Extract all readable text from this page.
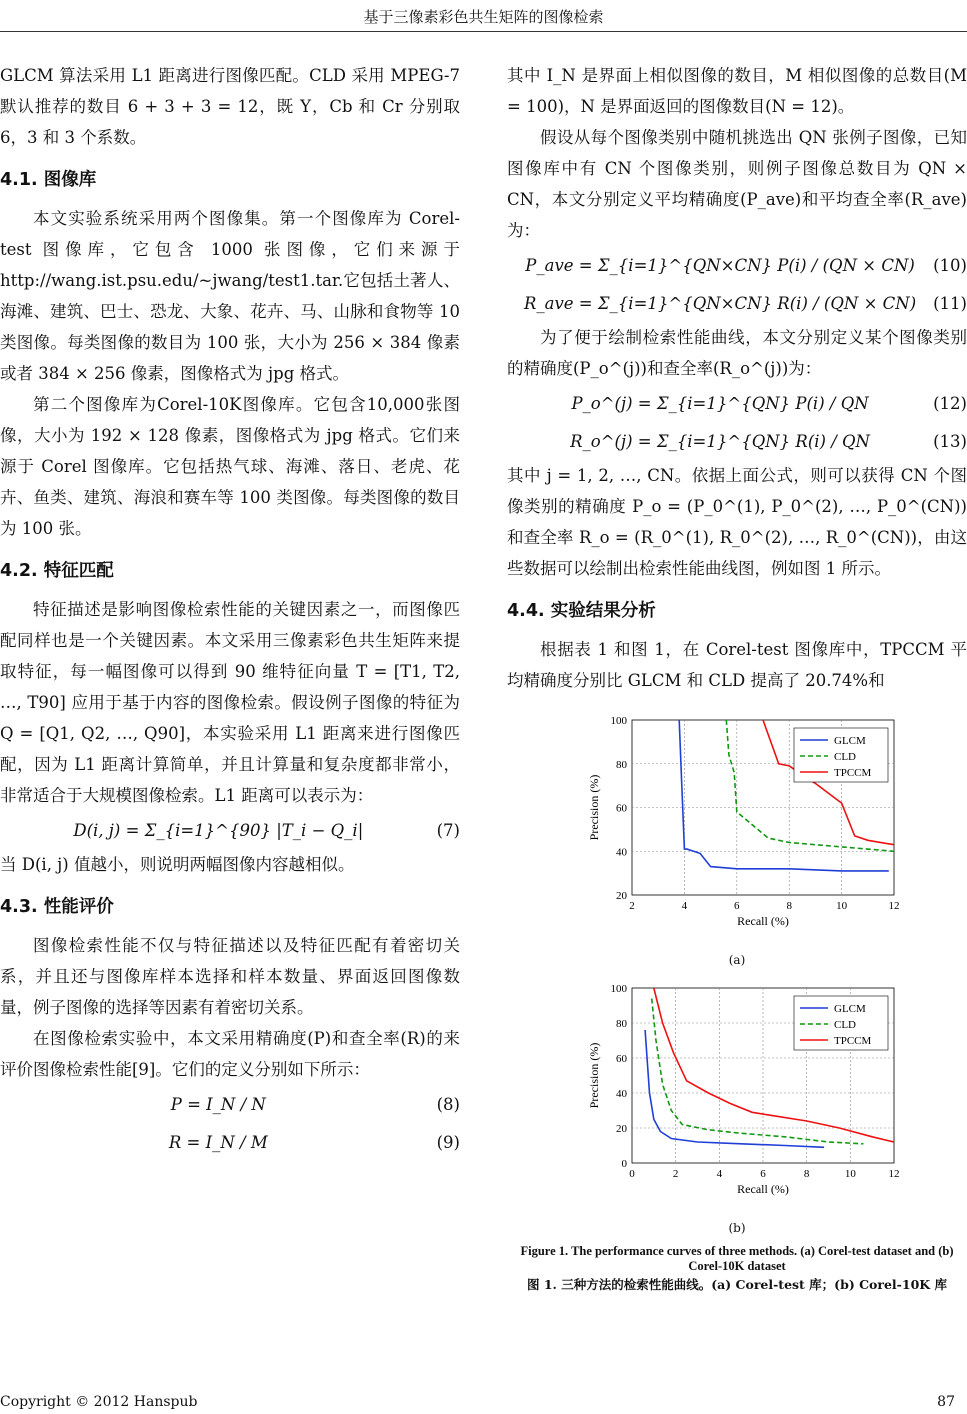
基于三像素彩色共生矩阵的图像检索

GLCM 算法采用 L1 距离进行图像匹配。CLD 采用 MPEG-7 默认推荐的数目 6 + 3 + 3 = 12，既 Y，Cb 和 Cr 分别取 6，3 和 3 个系数。

4.1. 图像库

本文实验系统采用两个图像集。第一个图像库为 Corel-test 图像库，它包含 1000 张图像，它们来源于 http://wang.ist.psu.edu/~jwang/test1.tar.它包括土著人、海滩、建筑、巴士、恐龙、大象、花卉、马、山脉和食物等 10 类图像。每类图像的数目为 100 张，大小为 256 × 384 像素或者 384 × 256 像素，图像格式为 jpg 格式。

第二个图像库为Corel-10K图像库。它包含10,000张图像，大小为 192 × 128 像素，图像格式为 jpg 格式。它们来源于 Corel 图像库。它包括热气球、海滩、落日、老虎、花卉、鱼类、建筑、海浪和赛车等 100 类图像。每类图像的数目为 100 张。

4.2. 特征匹配

特征描述是影响图像检索性能的关键因素之一，而图像匹配同样也是一个关键因素。本文采用三像素彩色共生矩阵来提取特征，每一幅图像可以得到 90 维特征向量 T = [T1, T2, …, T90] 应用于基于内容的图像检索。假设例子图像的特征为 Q = [Q1, Q2, …, Q90]，本实验采用 L1 距离来进行图像匹配，因为 L1 距离计算简单，并且计算量和复杂度都非常小，非常适合于大规模图像检索。L1 距离可以表示为：

D(i, j) = Σ_{i=1}^{90} |T_i − Q_i|	(7)

当 D(i, j) 值越小，则说明两幅图像内容越相似。

4.3. 性能评价

图像检索性能不仅与特征描述以及特征匹配有着密切关系，并且还与图像库样本选择和样本数量、界面返回图像数量，例子图像的选择等因素有着密切关系。

在图像检索实验中，本文采用精确度(P)和查全率(R)的来评价图像检索性能[9]。它们的定义分别如下所示：

P = I_N / N	(8)
R = I_N / M	(9)

其中 I_N 是界面上相似图像的数目，M 相似图像的总数目(M = 100)，N 是界面返回的图像数目(N = 12)。

假设从每个图像类别中随机挑选出 QN 张例子图像，已知图像库中有 CN 个图像类别，则例子图像总数目为 QN × CN，本文分别定义平均精确度(P_ave)和平均查全率(R_ave)为：

P_ave = Σ_{i=1}^{QN×CN} P(i) / (QN × CN)	(10)
R_ave = Σ_{i=1}^{QN×CN} R(i) / (QN × CN)	(11)

为了便于绘制检索性能曲线，本文分别定义某个图像类别的精确度(P_o^(j))和查全率(R_o^(j))为：

P_o^(j) = Σ_{i=1}^{QN} P(i) / QN	(12)
R_o^(j) = Σ_{i=1}^{QN} R(i) / QN	(13)

其中 j = 1, 2, …, CN。依据上面公式，则可以获得 CN 个图像类别的精确度 P_o = (P_0^(1), P_0^(2), …, P_0^(CN)) 和查全率 R_o = (R_0^(1), R_0^(2), …, R_0^(CN))，由这些数据可以绘制出检索性能曲线图，例如图 1 所示。

4.4. 实验结果分析

根据表 1 和图 1，在 Corel-test 图像库中，TPCCM 平均精确度分别比 GLCM 和 CLD 提高了 20.74%和

2	4	6	8	10	12
20
40
60
80
100
Recall (%)
Precision (%)
GLCM
CLD
TPCCM
(a)
0	2	4	6	8	10	12
0
20
40
60
80
100
Recall (%)
Precision (%)
GLCM
CLD
TPCCM
(b)
Figure 1. The performance curves of three methods. (a) Corel-test dataset and (b) Corel-10K dataset
图 1. 三种方法的检索性能曲线。(a) Corel-test 库；(b) Corel-10K 库
Copyright © 2012 Hanspub	87
